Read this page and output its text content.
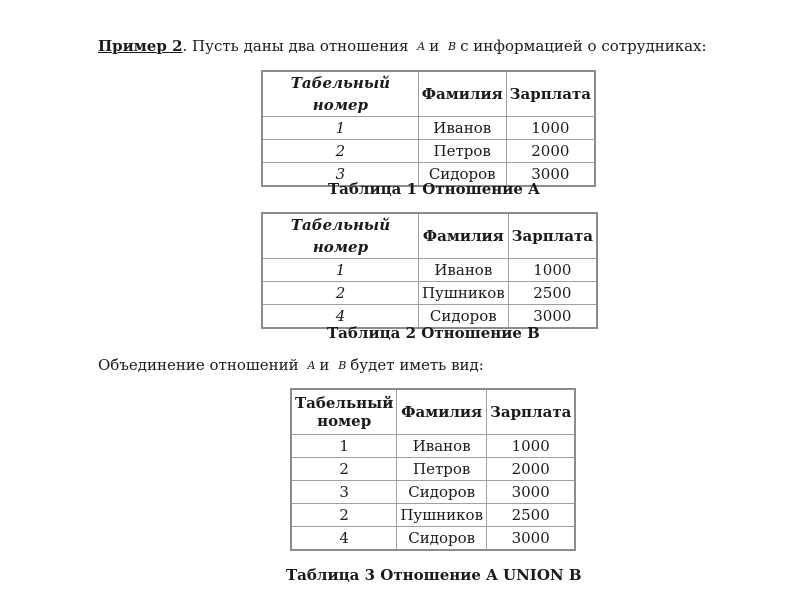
Пример 2. Пусть даны два отношения A и B с информацией о сотрудниках:

Табельный номер	Фамилия	Зарплата
1	Иванов	1000
2	Петров	2000
3	Сидоров	3000

Таблица 1 Отношение A

Табельный номер	Фамилия	Зарплата
1	Иванов	1000
2	Пушников	2500
4	Сидоров	3000

Таблица 2 Отношение B

Объединение отношений A и B будет иметь вид:

Табельный номер	Фамилия	Зарплата
1	Иванов	1000
2	Петров	2000
3	Сидоров	3000
2	Пушников	2500
4	Сидоров	3000

Таблица 3 Отношение A UNION B
